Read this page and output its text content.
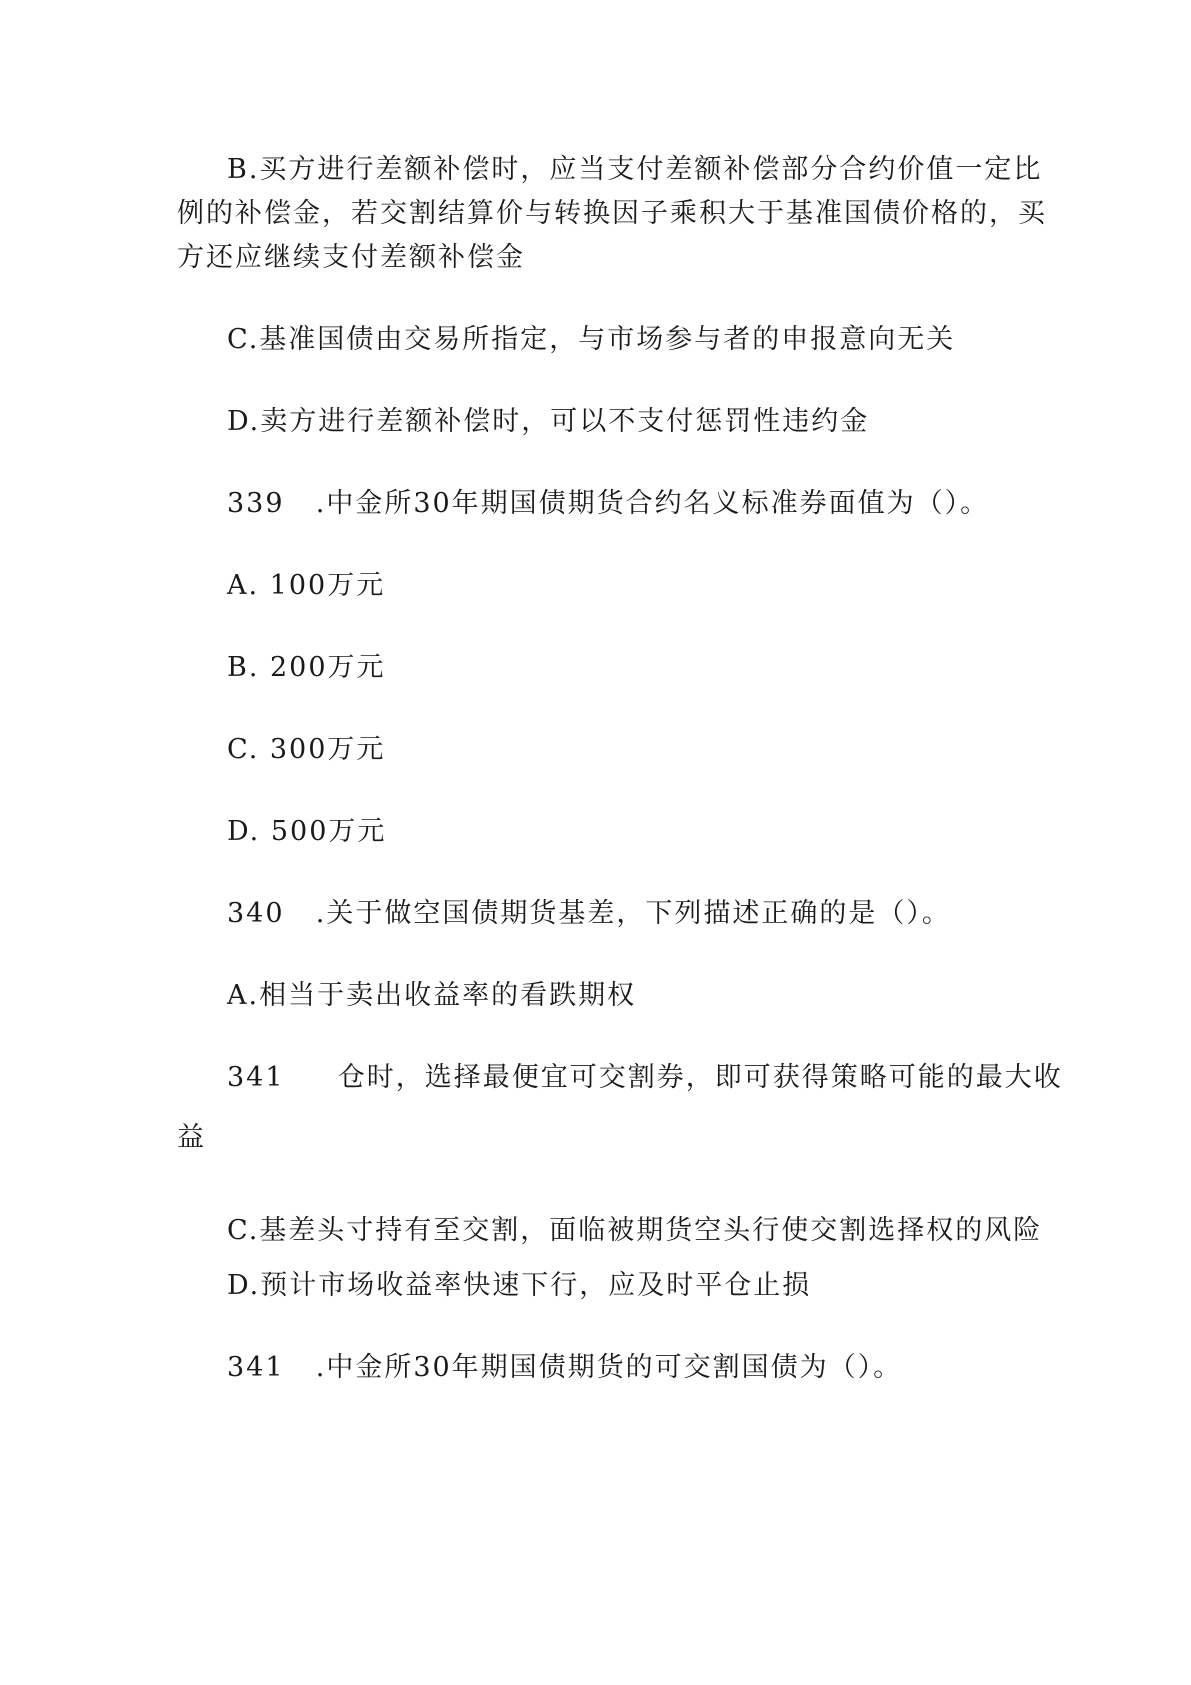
B.买方进行差额补偿时，应当支付差额补偿部分合约价值一定比
例的补偿金，若交割结算价与转换因子乘积大于基准国债价格的，买
方还应继续支付差额补偿金
C.基准国债由交易所指定，与市场参与者的申报意向无关
D.卖方进行差额补偿时，可以不支付惩罚性违约金
339 .中金所30年期国债期货合约名义标准券面值为（）。
A. 100万元
B. 200万元
C. 300万元
D. 500万元
340 .关于做空国债期货基差，下列描述正确的是（）。
A.相当于卖出收益率的看跌期权
341 仓时，选择最便宜可交割券，即可获得策略可能的最大收
益
C.基差头寸持有至交割，面临被期货空头行使交割选择权的风险
D.预计市场收益率快速下行，应及时平仓止损
341 .中金所30年期国债期货的可交割国债为（）。
